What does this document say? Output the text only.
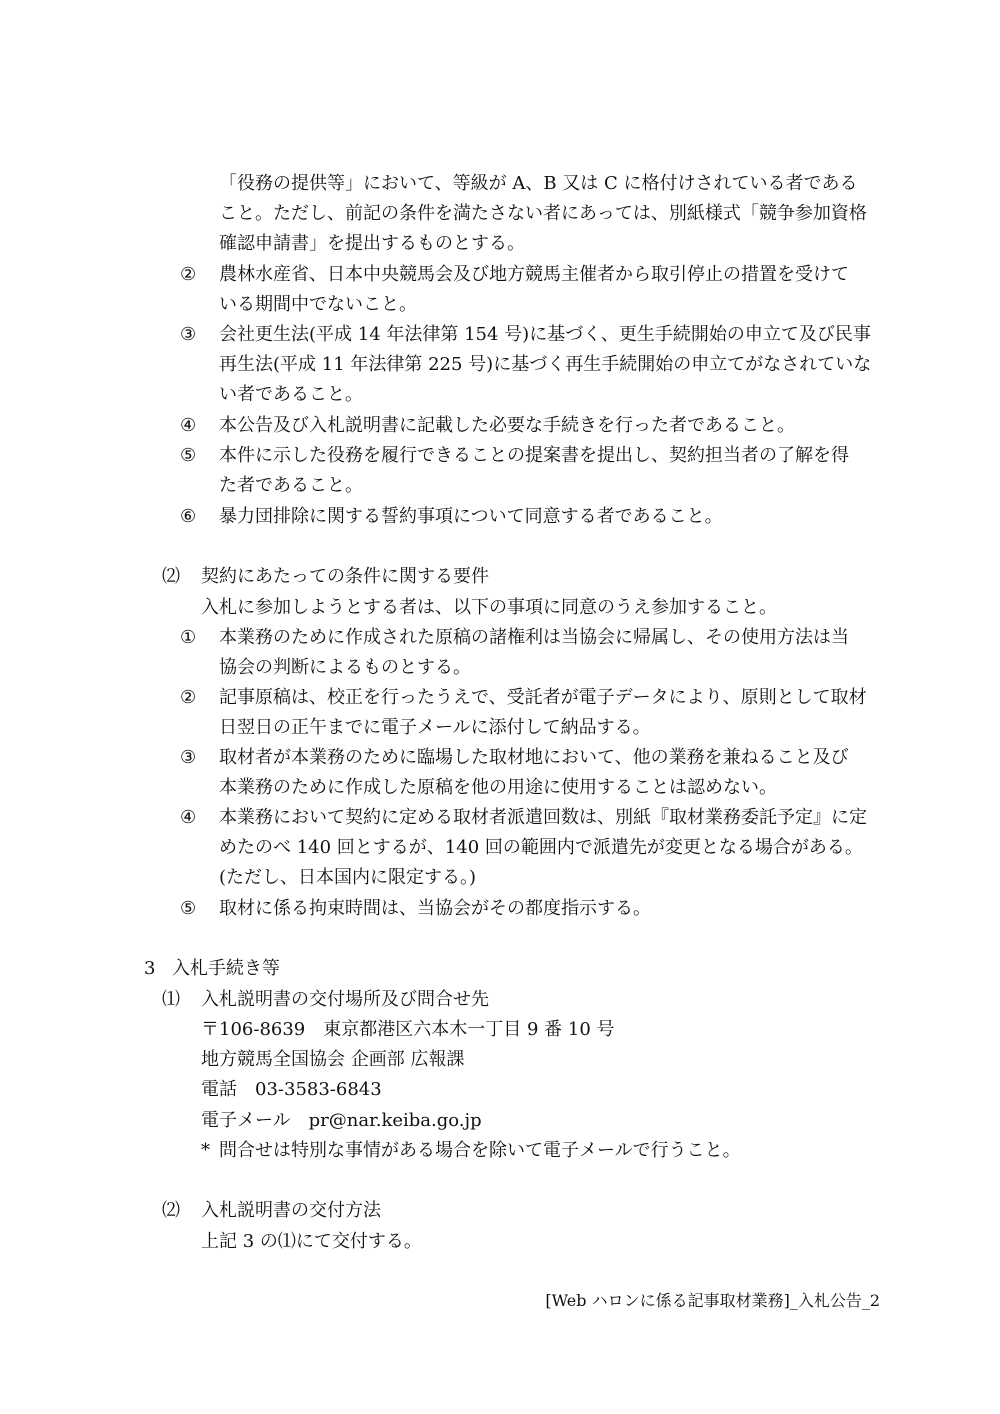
「役務の提供等」において、等級が A、B 又は C に格付けされている者である
こと。ただし、前記の条件を満たさない者にあっては、別紙様式「競争参加資格
確認申請書」を提出するものとする。
② 農林水産省、日本中央競馬会及び地方競馬主催者から取引停止の措置を受けて
いる期間中でないこと。
③ 会社更生法(平成 14 年法律第 154 号)に基づく、更生手続開始の申立て及び民事
再生法(平成 11 年法律第 225 号)に基づく再生手続開始の申立てがなされていな
い者であること。
④ 本公告及び入札説明書に記載した必要な手続きを行った者であること。
⑤ 本件に示した役務を履行できることの提案書を提出し、契約担当者の了解を得
た者であること。
⑥ 暴力団排除に関する誓約事項について同意する者であること。
⑵ 契約にあたっての条件に関する要件
入札に参加しようとする者は、以下の事項に同意のうえ参加すること。
① 本業務のために作成された原稿の諸権利は当協会に帰属し、その使用方法は当
協会の判断によるものとする。
② 記事原稿は、校正を行ったうえで、受託者が電子データにより、原則として取材
日翌日の正午までに電子メールに添付して納品する。
③ 取材者が本業務のために臨場した取材地において、他の業務を兼ねること及び
本業務のために作成した原稿を他の用途に使用することは認めない。
④ 本業務において契約に定める取材者派遣回数は、別紙『取材業務委託予定』に定
めたのべ 140 回とするが、140 回の範囲内で派遣先が変更となる場合がある。
(ただし、日本国内に限定する。)
⑤ 取材に係る拘束時間は、当協会がその都度指示する。
3 入札手続き等
⑴ 入札説明書の交付場所及び問合せ先
〒106-8639　東京都港区六本木一丁目 9 番 10 号
地方競馬全国協会 企画部 広報課
電話　03-3583-6843
電子メール　pr@nar.keiba.go.jp
* 問合せは特別な事情がある場合を除いて電子メールで行うこと。
⑵ 入札説明書の交付方法
上記 3 の⑴にて交付する。
[Web ハロンに係る記事取材業務]_入札公告_2
